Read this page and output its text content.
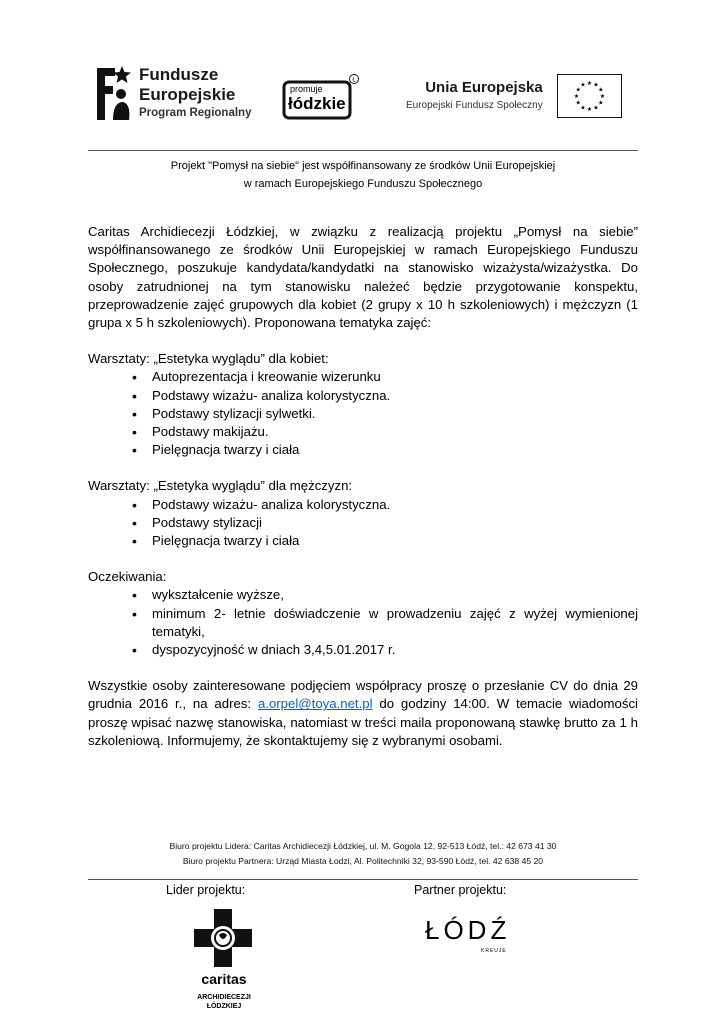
Fundusze
Europejskie
Program Regionalny
Ł
promuje
łódzkie
Unia Europejska
Europejski Fundusz Społeczny
★ ★
★
★
★
★
★
★
★
★
★
★
Projekt "Pomysł na siebie" jest współfinansowany ze środków Unii Europejskiej
w ramach Europejskiego Funduszu Społecznego

Caritas Archidiecezji Łódzkiej, w związku z realizacją projektu „Pomysł na siebie” współfinansowanego ze środków Unii Europejskiej w ramach Europejskiego Funduszu Społecznego, poszukuje kandydata/kandydatki na stanowisko wizażysta/wizażystka. Do osoby zatrudnionej na tym stanowisku należeć będzie przygotowanie konspektu, przeprowadzenie zajęć grupowych dla kobiet (2 grupy x 10 h szkoleniowych) i mężczyzn (1 grupa x 5 h szkoleniowych). Proponowana tematyka zajęć:

Warsztaty: „Estetyka wyglądu” dla kobiet:
• Autoprezentacja i kreowanie wizerunku
• Podstawy wizażu- analiza kolorystyczna.
• Podstawy stylizacji sylwetki.
• Podstawy makijażu.
• Pielęgnacja twarzy i ciała
Warsztaty: „Estetyka wyglądu” dla mężczyzn:
• Podstawy wizażu- analiza kolorystyczna.
• Podstawy stylizacji
• Pielęgnacja twarzy i ciała
Oczekiwania:
• wykształcenie wyższe,
• minimum 2- letnie doświadczenie w prowadzeniu zajęć z wyżej wymienionej tematyki,
• dyspozycyjność w dniach 3,4,5.01.2017 r.

Wszystkie osoby zainteresowane podjęciem współpracy proszę o przesłanie CV do dnia 29 grudnia 2016 r., na adres: a.orpel@toya.net.pl do godziny 14:00. W temacie wiadomości proszę wpisać nazwę stanowiska, natomiast w treści maila proponowaną stawkę brutto za 1 h szkoleniową. Informujemy, że skontaktujemy się z wybranymi osobami.

Biuro projektu Lidera: Caritas Archidiecezji Łódzkiej, ul. M. Gogola 12, 92-513 Łódź, tel.: 42 673 41 30
Biuro projektu Partnera: Urząd Miasta Łodzi, Al. Politechniki 32, 93-590 Łódź, tel. 42 638 45 20
Lider projektu:	Partner projektu:
caritas
ARCHIDIECEZJI
ŁÓDZKIEJ
ŁÓDŹ
KREUJE
